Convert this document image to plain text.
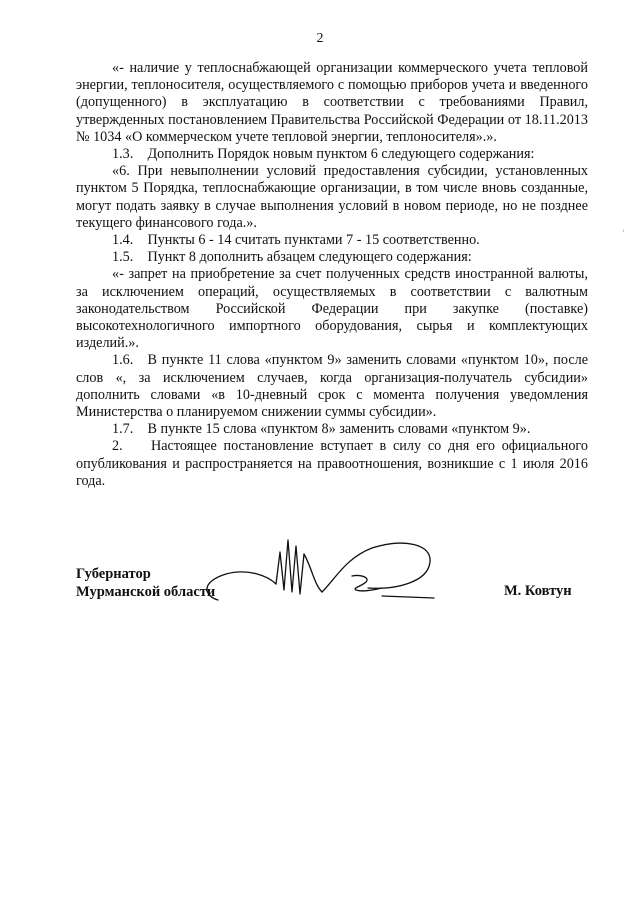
2

«- наличие у теплоснабжающей организации коммерческого учета тепловой энергии, теплоносителя, осуществляемого с помощью приборов учета и введенного (допущенного) в эксплуатацию в соответствии с требованиями Правил, утвержденных постановлением Правительства Российской Федерации от 18.11.2013 № 1034 «О коммерческом учете тепловой энергии, теплоносителя».».

1.3. Дополнить Порядок новым пунктом 6 следующего содержания:

«6. При невыполнении условий предоставления субсидии, установленных пунктом 5 Порядка, теплоснабжающие организации, в том числе вновь созданные, могут подать заявку в случае выполнения условий в новом периоде, но не позднее текущего финансового года.».

1.4. Пункты 6 - 14 считать пунктами 7 - 15 соответственно.

1.5. Пункт 8 дополнить абзацем следующего содержания:

«- запрет на приобретение за счет полученных средств иностранной валюты, за исключением операций, осуществляемых в соответствии с валютным законодательством Российской Федерации при закупке (поставке) высокотехнологичного импортного оборудования, сырья и комплектующих изделий.».

1.6. В пункте 11 слова «пунктом 9» заменить словами «пунктом 10», после слов «, за исключением случаев, когда организация-получатель субсидии» дополнить словами «в 10-дневный срок с момента получения уведомления Министерства о планируемом снижении суммы субсидии».

1.7. В пункте 15 слова «пунктом 8» заменить словами «пунктом 9».

2.  Настоящее постановление вступает в силу со дня его официального опубликования и распространяется на правоотношения, возникшие с 1 июля 2016 года.

Губернатор
Мурманской области	М. Ковтун
›
